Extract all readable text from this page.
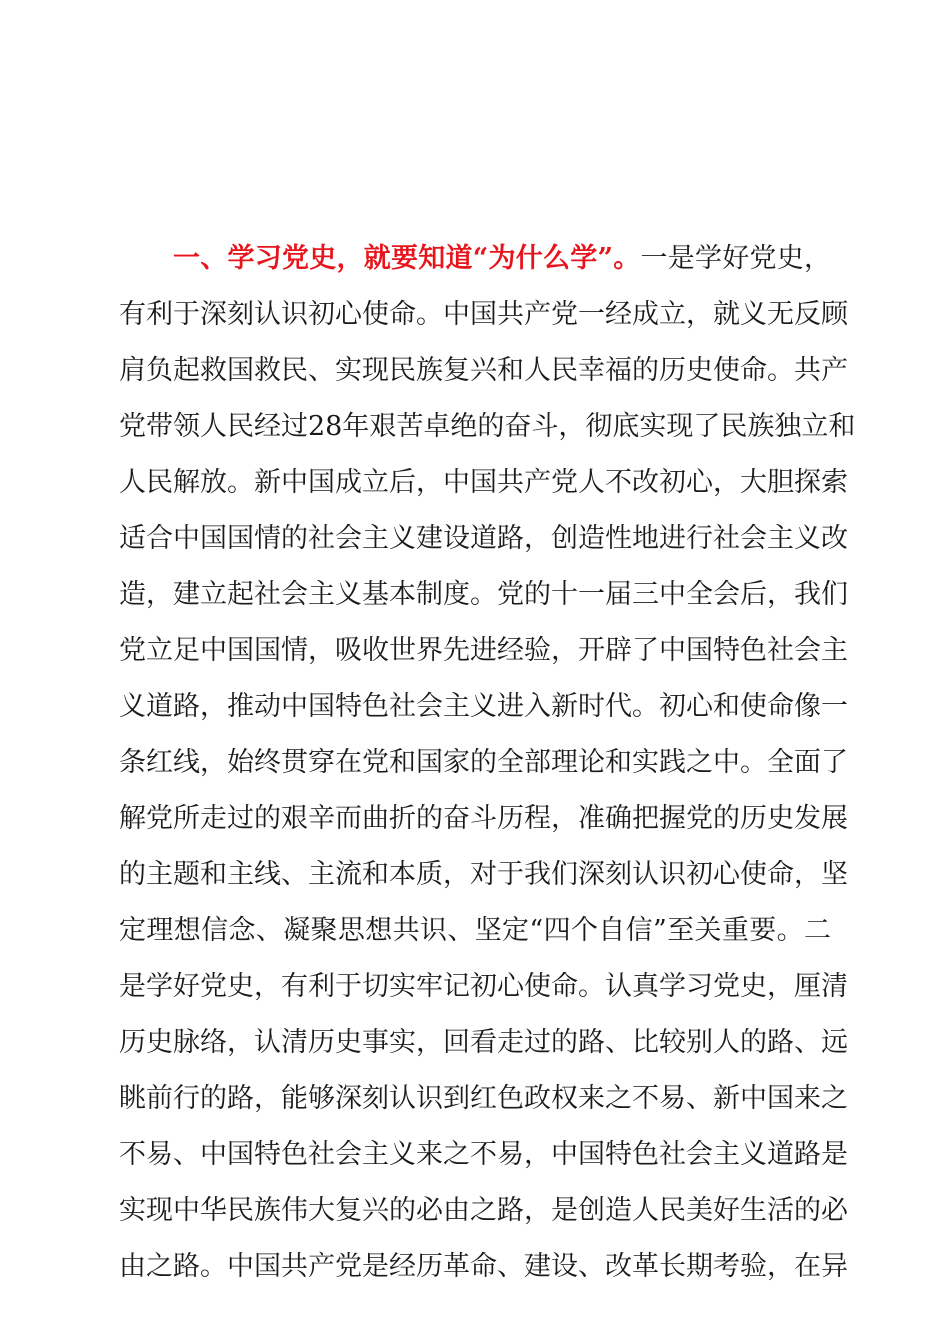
一、学习党史，就要知道“为什么学”。一是学好党史，
有利于深刻认识初心使命。中国共产党一经成立，就义无反顾
肩负起救国救民、实现民族复兴和人民幸福的历史使命。共产
党带领人民经过28年艰苦卓绝的奋斗，彻底实现了民族独立和
人民解放。新中国成立后，中国共产党人不改初心，大胆探索
适合中国国情的社会主义建设道路，创造性地进行社会主义改
造，建立起社会主义基本制度。党的十一届三中全会后，我们
党立足中国国情，吸收世界先进经验，开辟了中国特色社会主
义道路，推动中国特色社会主义进入新时代。初心和使命像一
条红线，始终贯穿在党和国家的全部理论和实践之中。全面了
解党所走过的艰辛而曲折的奋斗历程，准确把握党的历史发展
的主题和主线、主流和本质，对于我们深刻认识初心使命，坚
定理想信念、凝聚思想共识、坚定“四个自信”至关重要。二
是学好党史，有利于切实牢记初心使命。认真学习党史，厘清
历史脉络，认清历史事实，回看走过的路、比较别人的路、远
眺前行的路，能够深刻认识到红色政权来之不易、新中国来之
不易、中国特色社会主义来之不易，中国特色社会主义道路是
实现中华民族伟大复兴的必由之路，是创造人民美好生活的必
由之路。中国共产党是经历革命、建设、改革长期考验，在异
